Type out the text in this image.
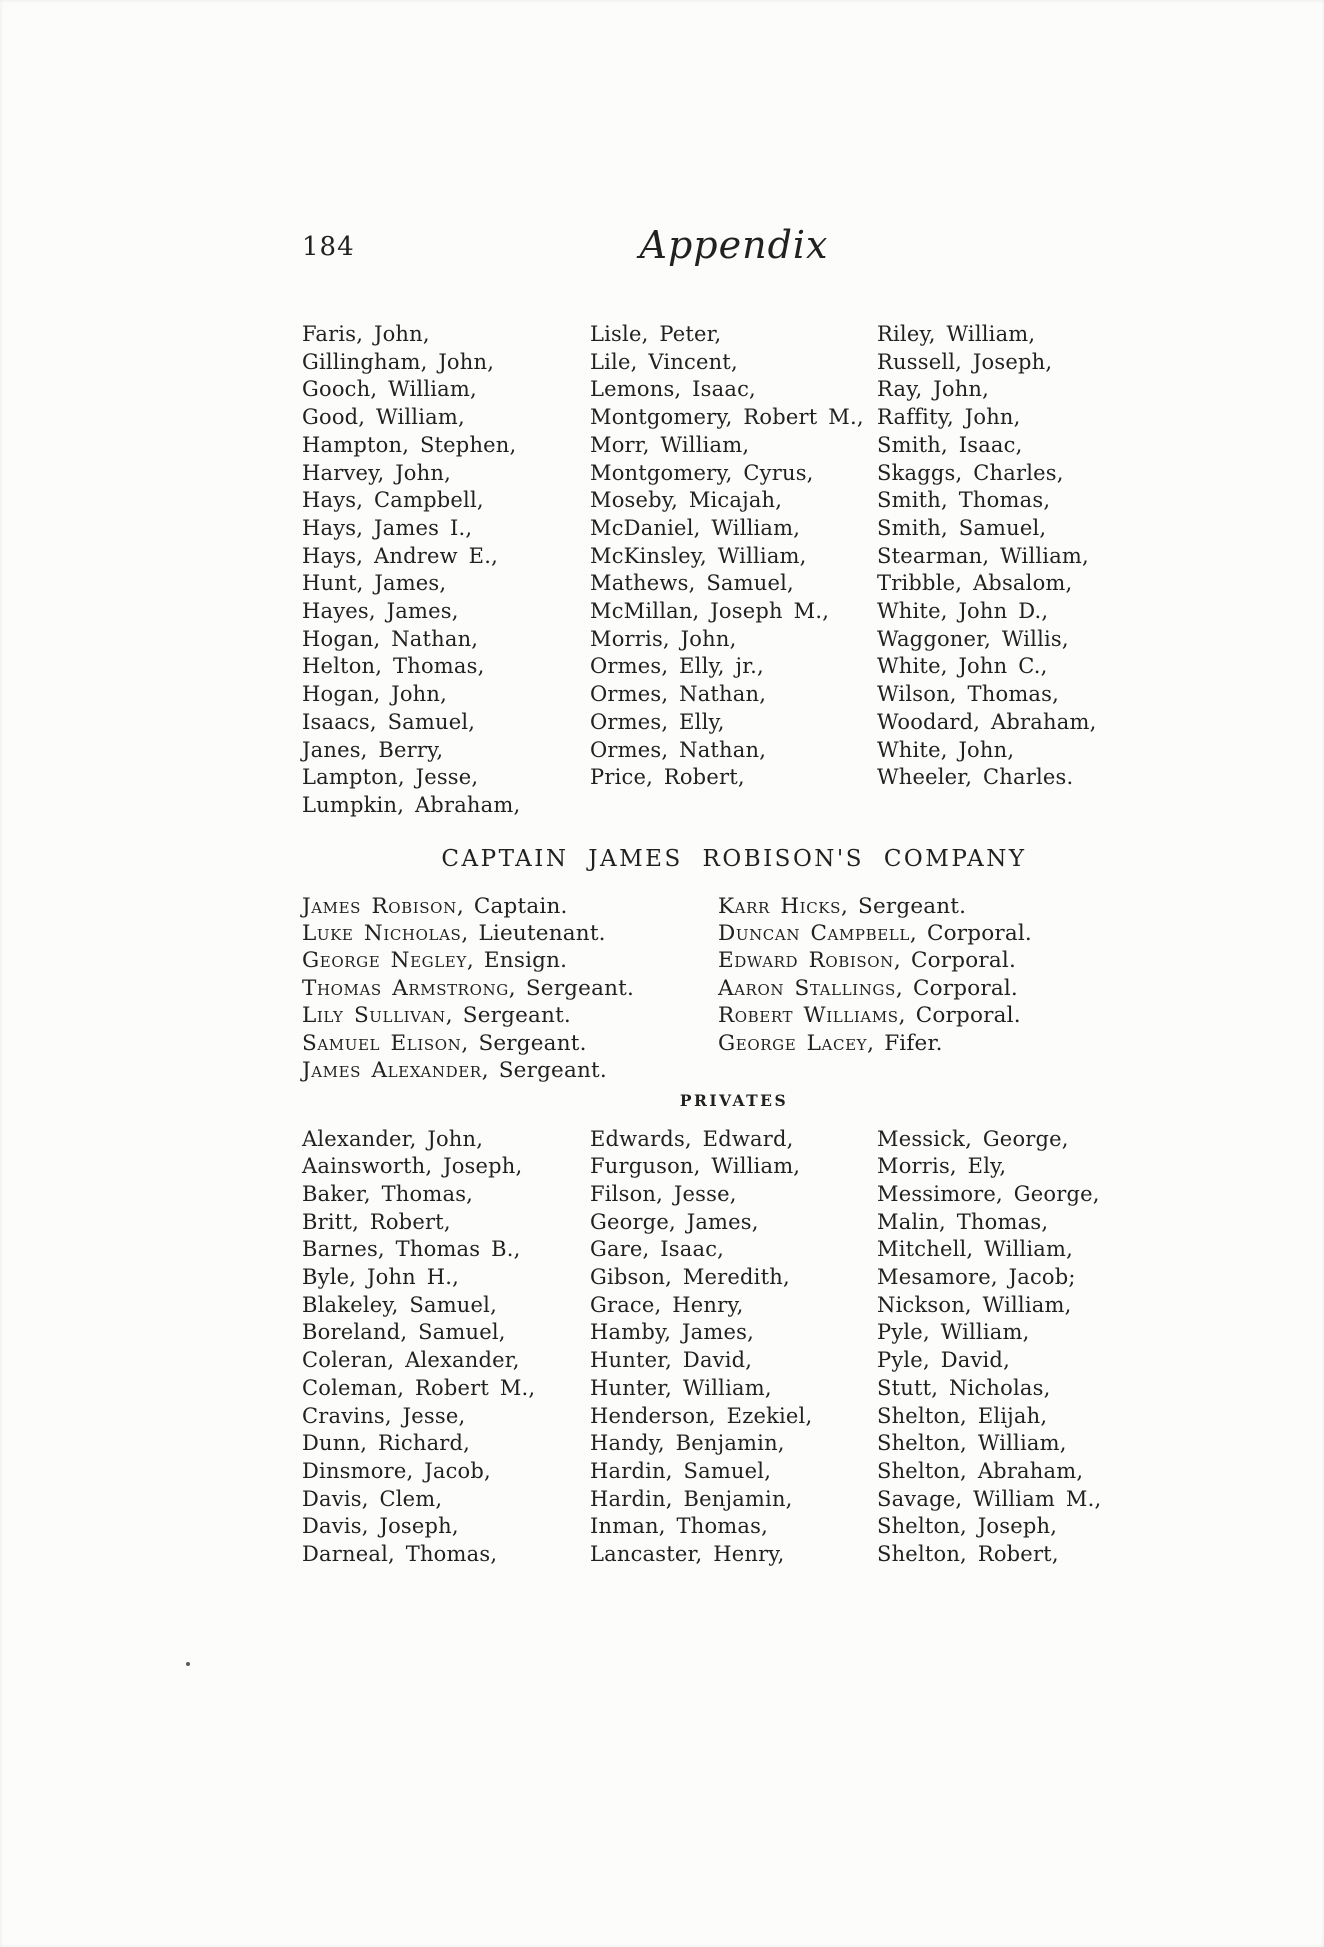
184	Appendix
Faris, John,
Gillingham, John,
Gooch, William,
Good, William,
Hampton, Stephen,
Harvey, John,
Hays, Campbell,
Hays, James I.,
Hays, Andrew E.,
Hunt, James,
Hayes, James,
Hogan, Nathan,
Helton, Thomas,
Hogan, John,
Isaacs, Samuel,
Janes, Berry,
Lampton, Jesse,
Lumpkin, Abraham,
Lisle, Peter,
Lile, Vincent,
Lemons, Isaac,
Montgomery, Robert M.,
Morr, William,
Montgomery, Cyrus,
Moseby, Micajah,
McDaniel, William,
McKinsley, William,
Mathews, Samuel,
McMillan, Joseph M.,
Morris, John,
Ormes, Elly, jr.,
Ormes, Nathan,
Ormes, Elly,
Ormes, Nathan,
Price, Robert,
Riley, William,
Russell, Joseph,
Ray, John,
Raffity, John,
Smith, Isaac,
Skaggs, Charles,
Smith, Thomas,
Smith, Samuel,
Stearman, William,
Tribble, Absalom,
White, John D.,
Waggoner, Willis,
White, John C.,
Wilson, Thomas,
Woodard, Abraham,
White, John,
Wheeler, Charles.
CAPTAIN JAMES ROBISON'S COMPANY
James Robison, Captain.
Luke Nicholas, Lieutenant.
George Negley, Ensign.
Thomas Armstrong, Sergeant.
Lily Sullivan, Sergeant.
Samuel Elison, Sergeant.
James Alexander, Sergeant.
Karr Hicks, Sergeant.
Duncan Campbell, Corporal.
Edward Robison, Corporal.
Aaron Stallings, Corporal.
Robert Williams, Corporal.
George Lacey, Fifer.
PRIVATES
Alexander, John,
Aainsworth, Joseph,
Baker, Thomas,
Britt, Robert,
Barnes, Thomas B.,
Byle, John H.,
Blakeley, Samuel,
Boreland, Samuel,
Coleran, Alexander,
Coleman, Robert M.,
Cravins, Jesse,
Dunn, Richard,
Dinsmore, Jacob,
Davis, Clem,
Davis, Joseph,
Darneal, Thomas,
Edwards, Edward,
Furguson, William,
Filson, Jesse,
George, James,
Gare, Isaac,
Gibson, Meredith,
Grace, Henry,
Hamby, James,
Hunter, David,
Hunter, William,
Henderson, Ezekiel,
Handy, Benjamin,
Hardin, Samuel,
Hardin, Benjamin,
Inman, Thomas,
Lancaster, Henry,
Messick, George,
Morris, Ely,
Messimore, George,
Malin, Thomas,
Mitchell, William,
Mesamore, Jacob;
Nickson, William,
Pyle, William,
Pyle, David,
Stutt, Nicholas,
Shelton, Elijah,
Shelton, William,
Shelton, Abraham,
Savage, William M.,
Shelton, Joseph,
Shelton, Robert,
